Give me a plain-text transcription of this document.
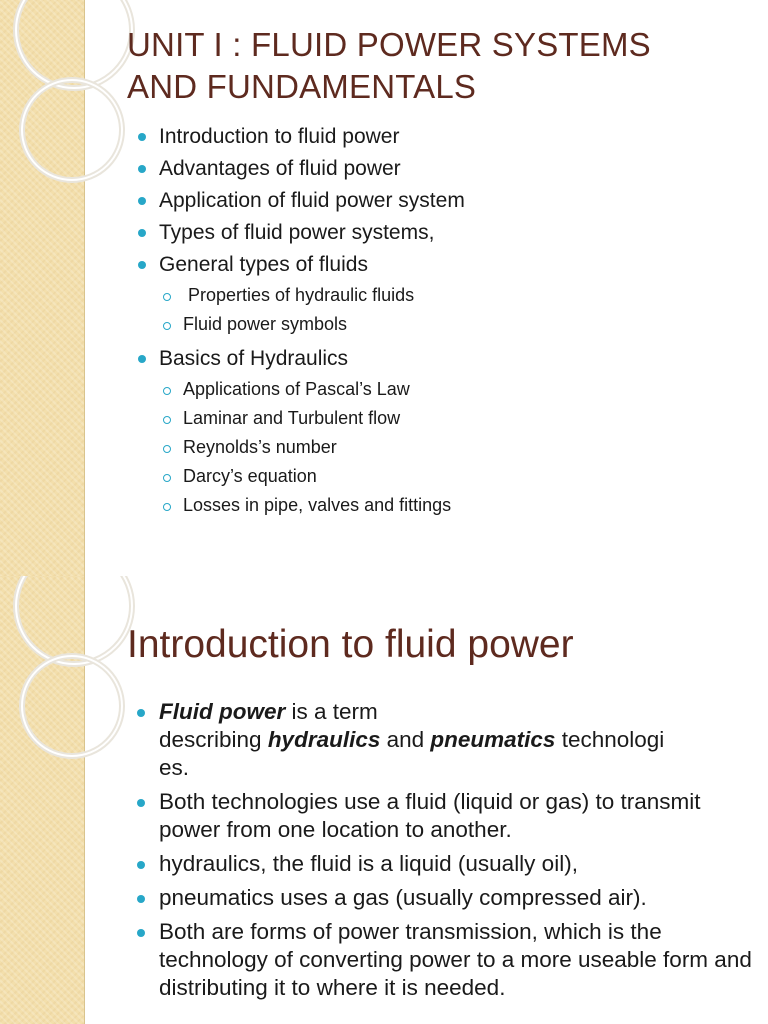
UNIT I : FLUID POWER SYSTEMS
AND FUNDAMENTALS
Introduction to fluid power
Advantages of fluid power
Application of fluid power system
Types of fluid power systems,
General types of fluids
Properties of hydraulic fluids
Fluid power symbols
Basics of Hydraulics
Applications of Pascal’s Law
Laminar and Turbulent flow
Reynolds’s number
Darcy’s equation
Losses in pipe, valves and fittings
Introduction to fluid power
Fluid power is a term
describing hydraulics and pneumatics technologi
es.
Both technologies use a fluid (liquid or gas) to transmit power from one location to another.
hydraulics, the fluid is a liquid (usually oil),
pneumatics uses a gas (usually compressed air).
Both are forms of power transmission, which is the technology of converting power to a more useable form and distributing it to where it is needed.
